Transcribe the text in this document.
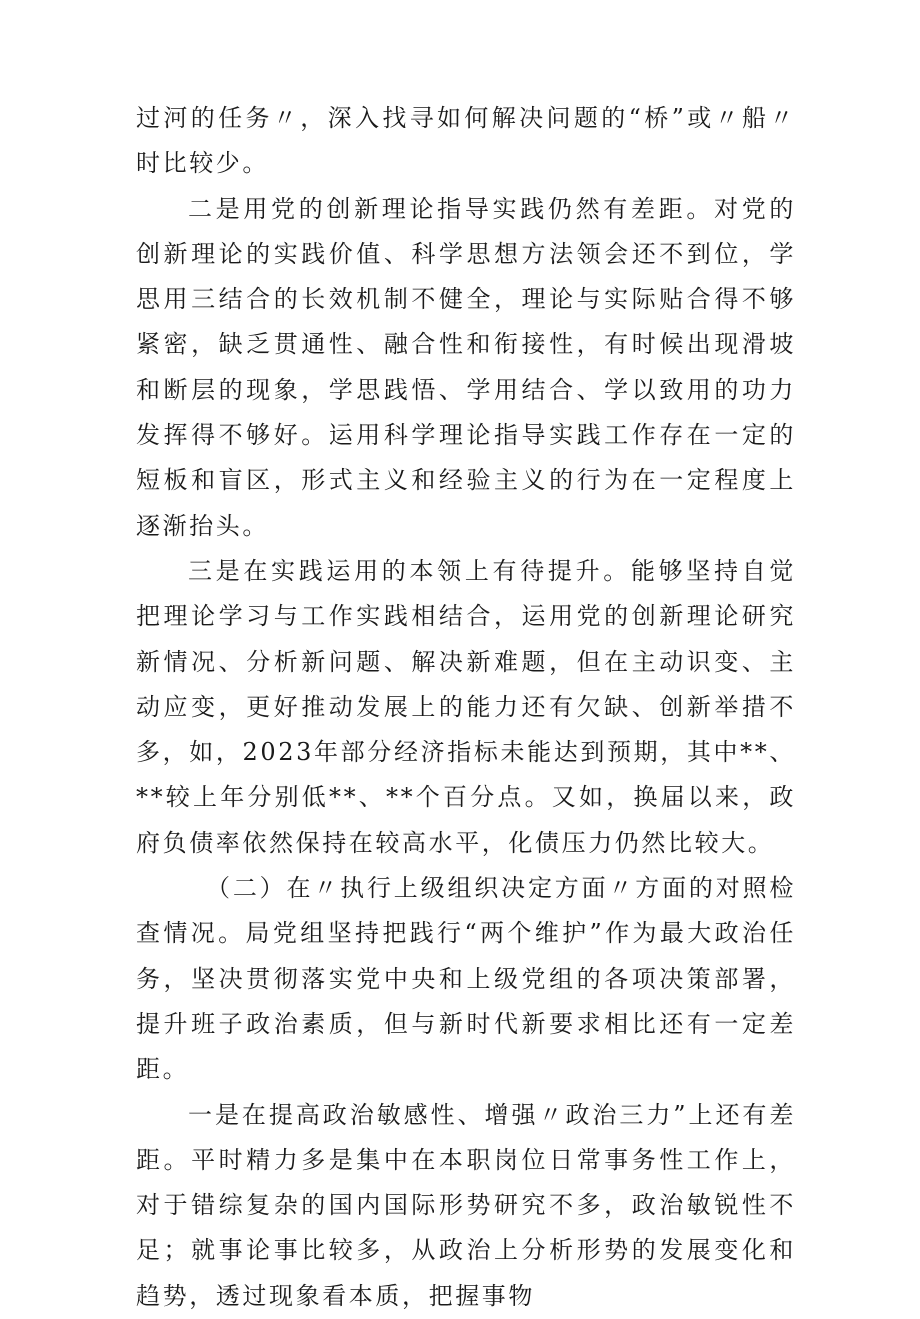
过河的任务〃，深入找寻如何解决问题的“桥”或〃船〃时比较少。

二是用党的创新理论指导实践仍然有差距。对党的创新理论的实践价值、科学思想方法领会还不到位，学思用三结合的长效机制不健全，理论与实际贴合得不够紧密，缺乏贯通性、融合性和衔接性，有时候出现滑坡和断层的现象，学思践悟、学用结合、学以致用的功力发挥得不够好。运用科学理论指导实践工作存在一定的短板和盲区，形式主义和经验主义的行为在一定程度上逐渐抬头。

三是在实践运用的本领上有待提升。能够坚持自觉把理论学习与工作实践相结合，运用党的创新理论研究新情况、分析新问题、解决新难题，但在主动识变、主动应变，更好推动发展上的能力还有欠缺、创新举措不多，如，2023年部分经济指标未能达到预期，其中**、**较上年分别低**、**个百分点。又如，换届以来，政府负债率依然保持在较高水平，化债压力仍然比较大。

（二）在〃执行上级组织决定方面〃方面的对照检查情况。局党组坚持把践行“两个维护”作为最大政治任务，坚决贯彻落实党中央和上级党组的各项决策部署，提升班子政治素质，但与新时代新要求相比还有一定差距。

一是在提高政治敏感性、增强〃政治三力”上还有差距。平时精力多是集中在本职岗位日常事务性工作上，对于错综复杂的国内国际形势研究不多，政治敏锐性不足；就事论事比较多，从政治上分析形势的发展变化和趋势，透过现象看本质，把握事物
